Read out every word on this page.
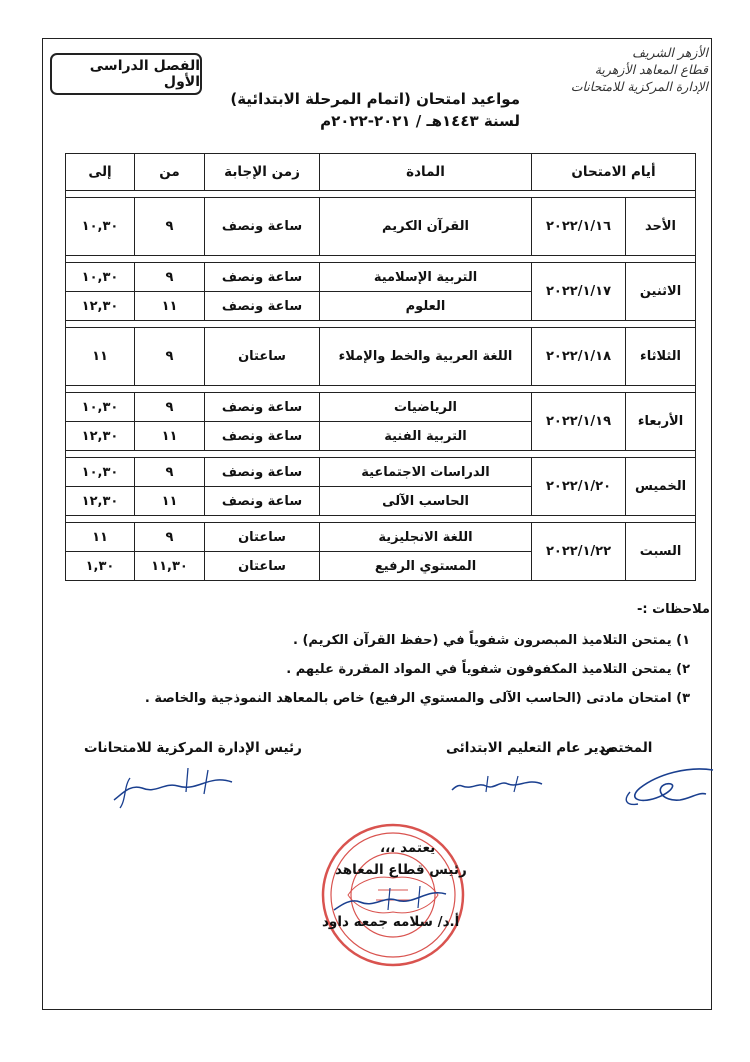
الفصل الدراسى الأول
الأزهر الشريف
قطاع المعاهد الأزهرية
الإدارة المركزية للامتحانات
مواعيد امتحان (اتمام المرحلة الابتدائية)
لسنة ١٤٤٣هـ / ٢٠٢١-٢٠٢٢م
أيام الامتحان		المادة	زمن الإجابة	من	إلى

الأحد	٢٠٢٢/١/١٦	القرآن الكريم	ساعة ونصف	٩	١٠,٣٠

الاثنين	٢٠٢٢/١/١٧	التربية الإسلامية	ساعة ونصف	٩	١٠,٣٠
		العلوم	ساعة ونصف	١١	١٢,٣٠

الثلاثاء	٢٠٢٢/١/١٨	اللغة العربية والخط والإملاء	ساعتان	٩	١١

الأربعاء	٢٠٢٢/١/١٩	الرياضيات	ساعة ونصف	٩	١٠,٣٠
		التربية الفنية	ساعة ونصف	١١	١٢,٣٠

الخميس	٢٠٢٢/١/٢٠	الدراسات الاجتماعية	ساعة ونصف	٩	١٠,٣٠
		الحاسب الآلى	ساعة ونصف	١١	١٢,٣٠

السبت	٢٠٢٢/١/٢٢	اللغة الانجليزية	ساعتان	٩	١١
		المستوي الرفيع	ساعتان	١١,٣٠	١,٣٠
ملاحظات :-
١) يمتحن التلاميذ المبصرون شفوياً في (حفظ القرآن الكريم) .
٢) يمتحن التلاميذ المكفوفون شفوياً في المواد المقررة عليهم .
٣) امتحان مادتى (الحاسب الآلى والمستوي الرفيع) خاص بالمعاهد النموذجية والخاصة .
المختص
مدير عام التعليم الابتدائى
رئيس الإدارة المركزية للامتحانات
يعتمد ،،،
رئيس قطاع المعاهد
أ.د/ سلامه جمعه داود
